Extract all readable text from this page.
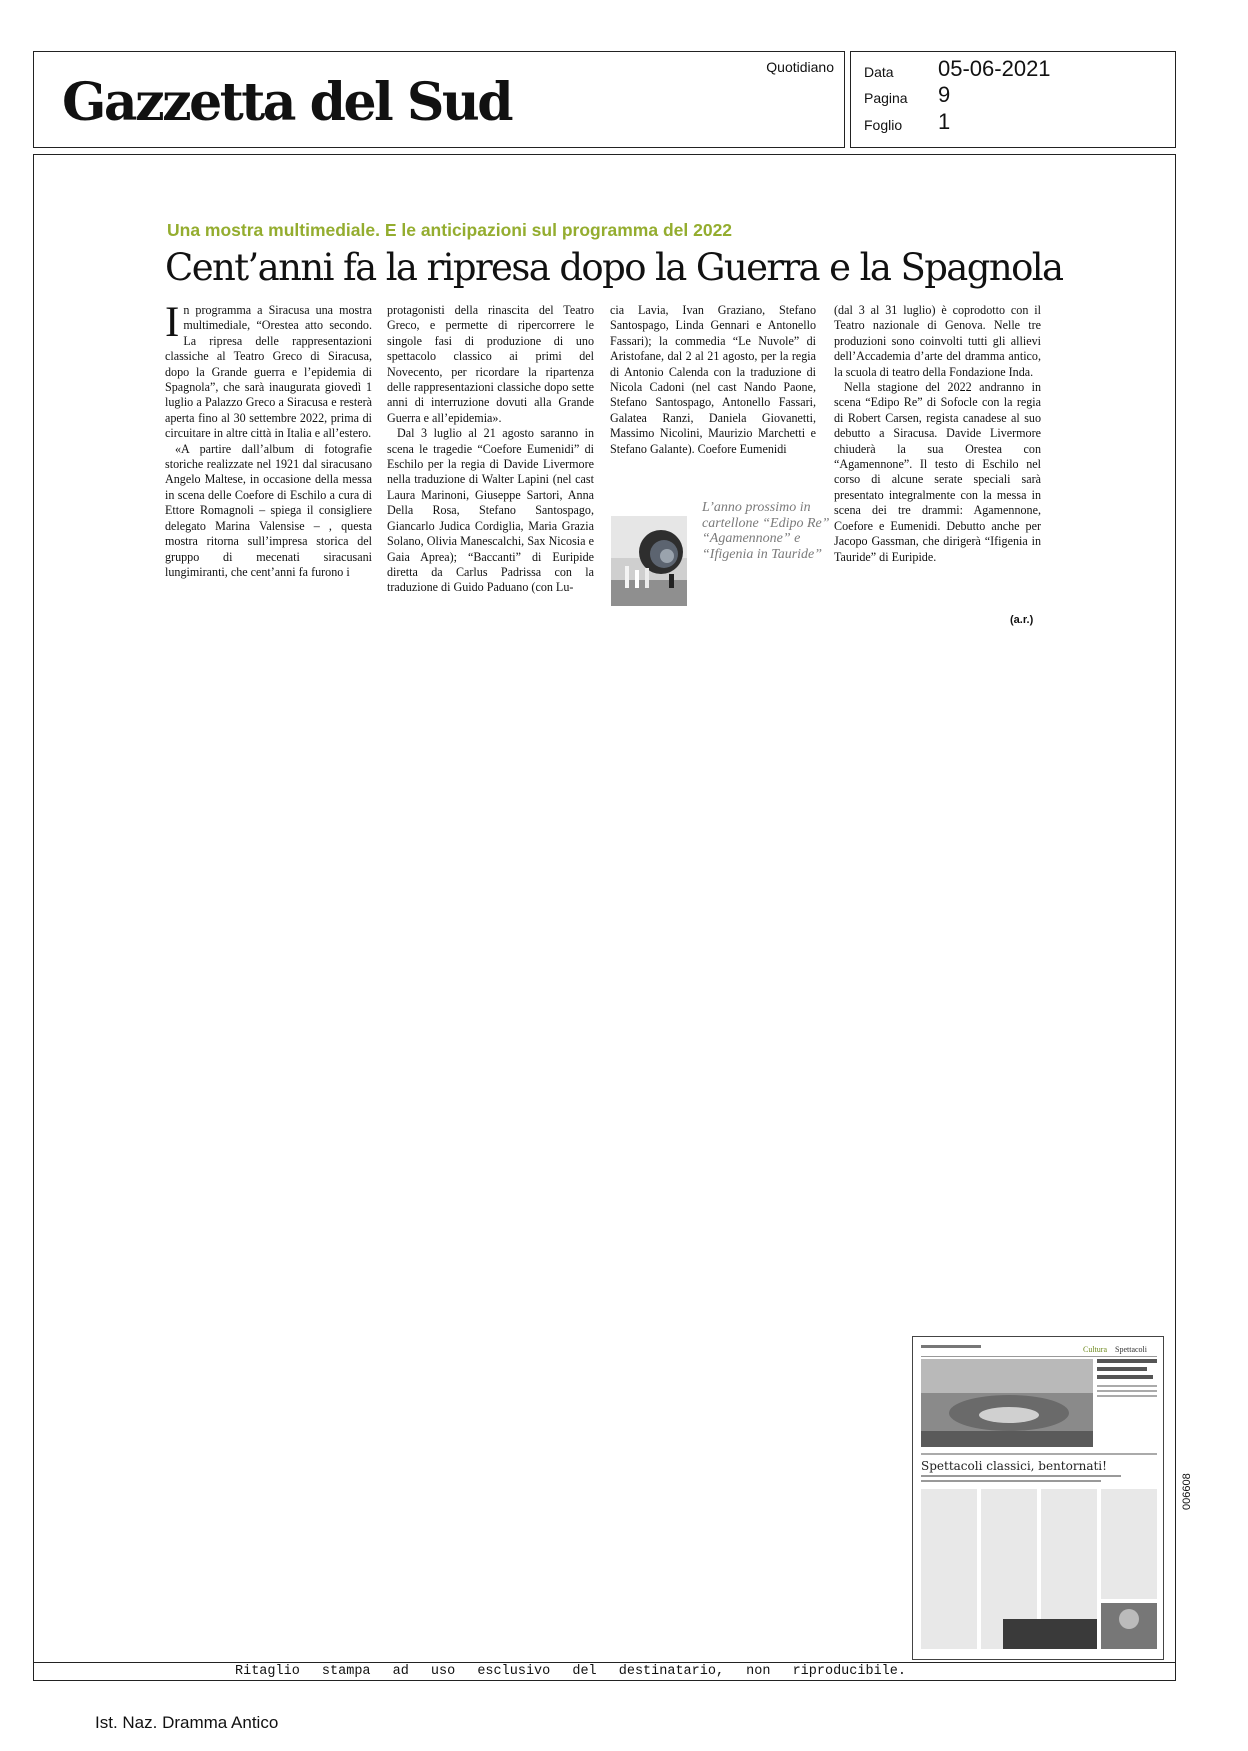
Gazzetta del Sud
Quotidiano Data 05-06-2021
Pagina 9
Foglio 1
Una mostra multimediale. E le anticipazioni sul programma del 2022
Cent’anni fa la ripresa dopo la Guerra e la Spagnola

In programma a Siracusa una mostra multimediale, “Orestea atto secondo. La ripresa delle rappresentazioni classiche al Teatro Greco di Siracusa, dopo la Grande guerra e l’epidemia di Spagnola”, che sarà inaugurata giovedì 1 luglio a Palazzo Greco a Siracusa e resterà aperta fino al 30 settembre 2022, prima di circuitare in altre città in Italia e all’estero.

«A partire dall’album di fotografie storiche realizzate nel 1921 dal siracusano Angelo Maltese, in occasione della messa in scena delle Coefore di Eschilo a cura di Ettore Romagnoli – spiega il consigliere delegato Marina Valensise – , questa mostra ritorna sull’impresa storica del gruppo di mecenati siracusani lungimiranti, che cent’anni fa furono i

protagonisti della rinascita del Teatro Greco, e permette di ripercorrere le singole fasi di produzione di uno spettacolo classico ai primi del Novecento, per ricordare la ripartenza delle rappresentazioni classiche dopo sette anni di interruzione dovuti alla Grande Guerra e all’epidemia».

Dal 3 luglio al 21 agosto saranno in scena le tragedie “Coefore Eumenidi” di Eschilo per la regia di Davide Livermore nella traduzione di Walter Lapini (nel cast Laura Marinoni, Giuseppe Sartori, Anna Della Rosa, Stefano Santospago, Giancarlo Judica Cordiglia, Maria Grazia Solano, Olivia Manescalchi, Sax Nicosia e Gaia Aprea); “Baccanti” di Euripide diretta da Carlus Padrissa con la traduzione di Guido Paduano (con Lu-

cia Lavia, Ivan Graziano, Stefano Santospago, Linda Gennari e Antonello Fassari); la commedia “Le Nuvole” di Aristofane, dal 2 al 21 agosto, per la regia di Antonio Calenda con la traduzione di Nicola Cadoni (nel cast Nando Paone, Stefano Santospago, Antonello Fassari, Galatea Ranzi, Daniela Giovanetti, Massimo Nicolini, Maurizio Marchetti e Stefano Galante). Coefore Eumenidi

L’anno prossimo in cartellone “Edipo Re” “Agamennone” e “Ifigenia in Tauride”

(dal 3 al 31 luglio) è coprodotto con il Teatro nazionale di Genova. Nelle tre produzioni sono coinvolti tutti gli allievi dell’Accademia d’arte del dramma antico, la scuola di teatro della Fondazione Inda.

Nella stagione del 2022 andranno in scena “Edipo Re” di Sofocle con la regia di Robert Carsen, regista canadese al suo debutto a Siracusa. Davide Livermore chiuderà la sua Orestea con “Agamennone”. Il testo di Eschilo nel corso di alcune serate speciali sarà presentato integralmente con la messa in scena dei tre drammi: Agamennone, Coefore e Eumenidi. Debutto anche per Jacopo Gassman, che dirigerà “Ifigenia in Tauride” di Euripide.

(a.r.)
Cultura Spettacoli
Spettacoli classici, bentornati!
006608
Ritaglio stampa ad uso esclusivo del destinatario, non riproducibile.
Ist. Naz. Dramma Antico
